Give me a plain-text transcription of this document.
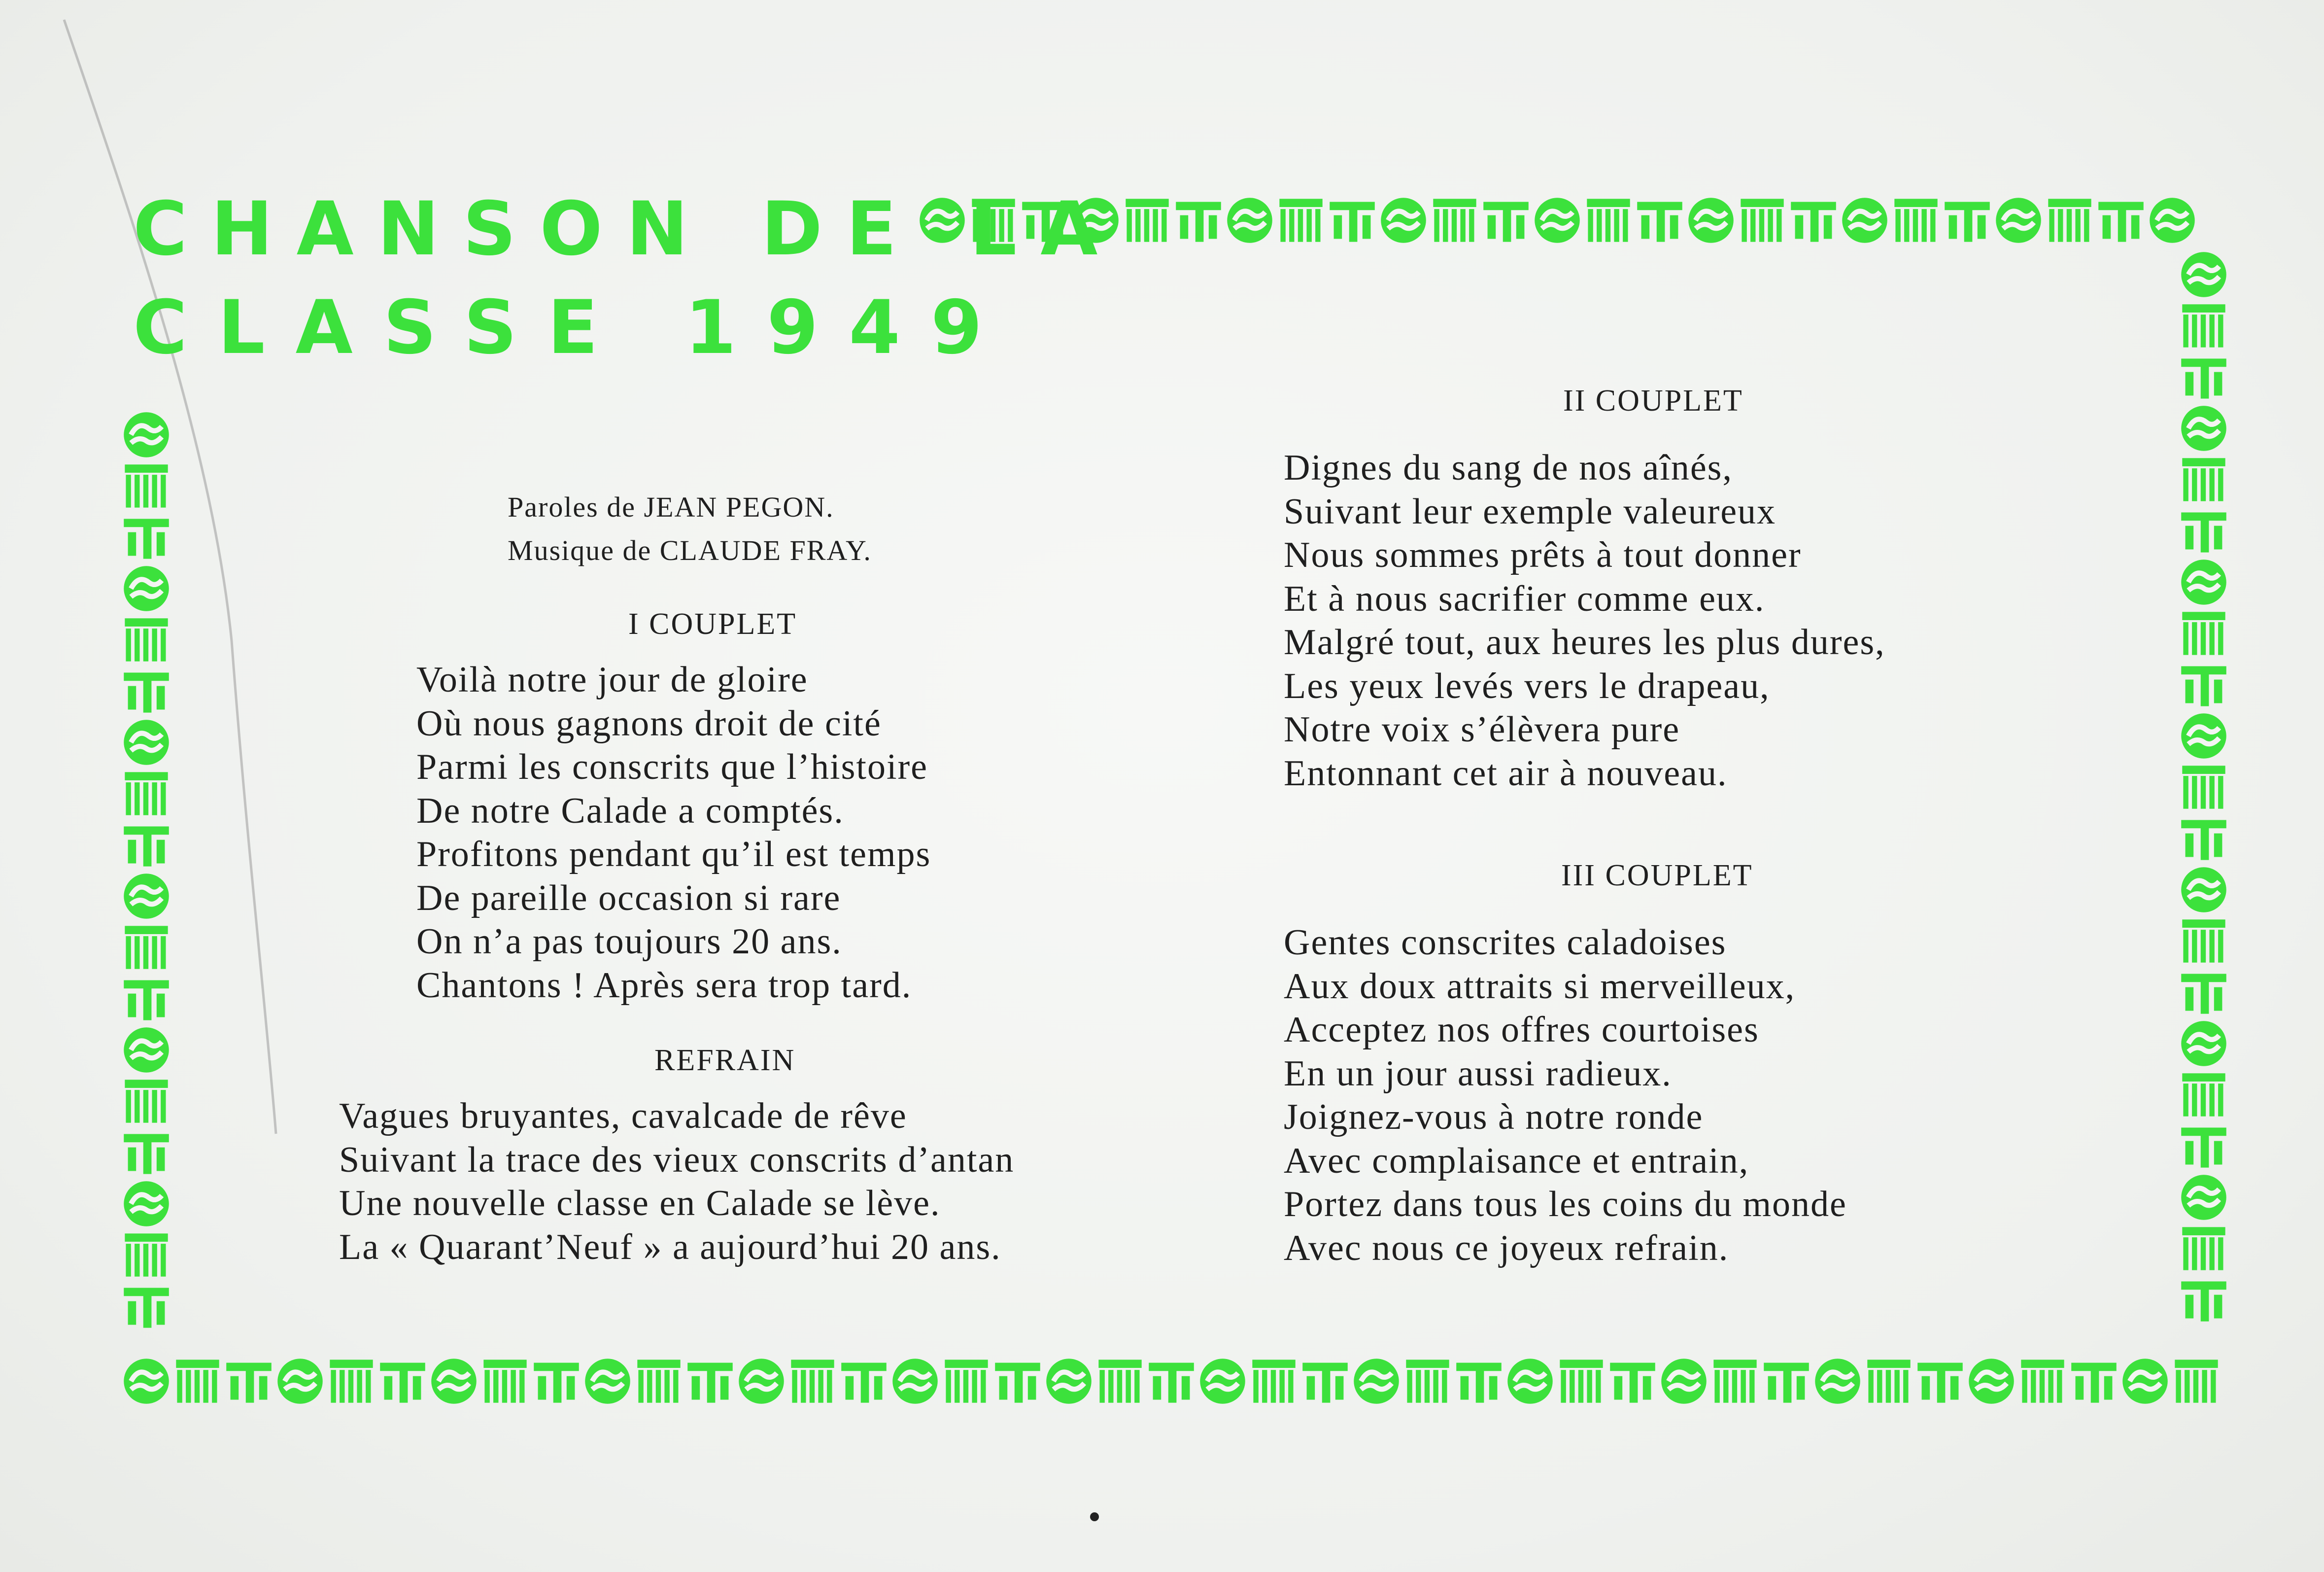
CHANSON DE LA
CLASSE 1949
Paroles de JEAN PEGON.
Musique de CLAUDE FRAY.
I COUPLET
Voilà notre jour de gloire
Où nous gagnons droit de cité
Parmi les conscrits que l’histoire
De notre Calade a comptés.
Profitons pendant qu’il est temps
De pareille occasion si rare
On n’a pas toujours 20 ans.
Chantons ! Après sera trop tard.
REFRAIN
Vagues bruyantes, cavalcade de rêve
Suivant la trace des vieux conscrits d’antan
Une nouvelle classe en Calade se lève.
La « Quarant’Neuf » a aujourd’hui 20 ans.
II COUPLET
Dignes du sang de nos aînés,
Suivant leur exemple valeureux
Nous sommes prêts à tout donner
Et à nous sacrifier comme eux.
Malgré tout, aux heures les plus dures,
Les yeux levés vers le drapeau,
Notre voix s’élèvera pure
Entonnant cet air à nouveau.
III COUPLET
Gentes conscrites caladoises
Aux doux attraits si merveilleux,
Acceptez nos offres courtoises
En un jour aussi radieux.
Joignez-vous à notre ronde
Avec complaisance et entrain,
Portez dans tous les coins du monde
Avec nous ce joyeux refrain.
